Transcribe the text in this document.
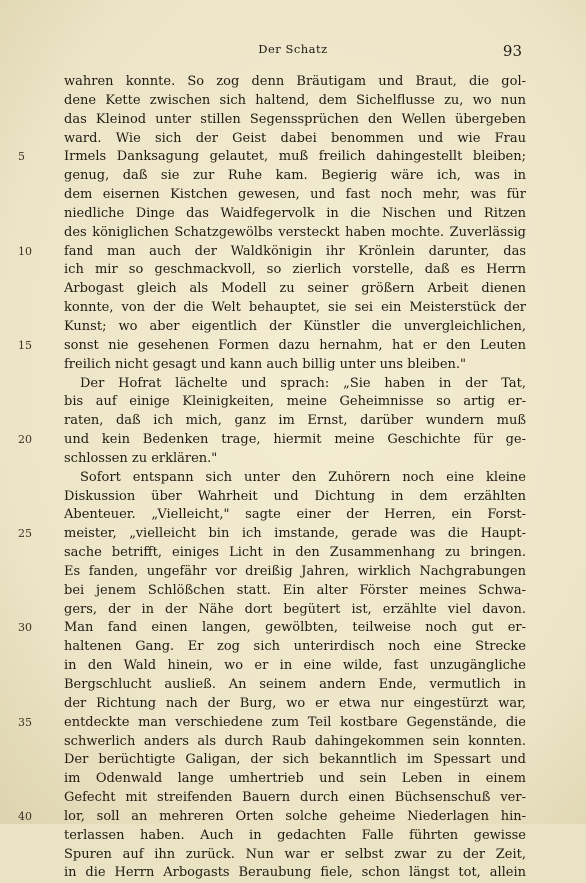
Der Schatz	93
wahren konnte. So zog denn Bräutigam und Braut, die gol-
dene Kette zwischen sich haltend, dem Sichelflusse zu, wo nun
das Kleinod unter stillen Segenssprüchen den Wellen übergeben
ward. Wie sich der Geist dabei benommen und wie Frau
5	Irmels Danksagung gelautet, muß freilich dahingestellt bleiben;
genug, daß sie zur Ruhe kam. Begierig wäre ich, was in
dem eisernen Kistchen gewesen, und fast noch mehr, was für
niedliche Dinge das Waidfegervolk in die Nischen und Ritzen
des königlichen Schatzgewölbs versteckt haben mochte. Zuverlässig
10	fand man auch der Waldkönigin ihr Krönlein darunter, das
ich mir so geschmackvoll, so zierlich vorstelle, daß es Herrn
Arbogast gleich als Modell zu seiner größern Arbeit dienen
konnte, von der die Welt behauptet, sie sei ein Meisterstück der
Kunst; wo aber eigentlich der Künstler die unvergleichlichen,
15	sonst nie gesehenen Formen dazu hernahm, hat er den Leuten
freilich nicht gesagt und kann auch billig unter uns bleiben."
Der Hofrat lächelte und sprach: „Sie haben in der Tat,
bis auf einige Kleinigkeiten, meine Geheimnisse so artig er-
raten, daß ich mich, ganz im Ernst, darüber wundern muß
20	und kein Bedenken trage, hiermit meine Geschichte für ge-
schlossen zu erklären."
Sofort entspann sich unter den Zuhörern noch eine kleine
Diskussion über Wahrheit und Dichtung in dem erzählten
Abenteuer. „Vielleicht," sagte einer der Herren, ein Forst-
25	meister, „vielleicht bin ich imstande, gerade was die Haupt-
sache betrifft, einiges Licht in den Zusammenhang zu bringen.
Es fanden, ungefähr vor dreißig Jahren, wirklich Nachgrabungen
bei jenem Schlößchen statt. Ein alter Förster meines Schwa-
gers, der in der Nähe dort begütert ist, erzählte viel davon.
30	Man fand einen langen, gewölbten, teilweise noch gut er-
haltenen Gang. Er zog sich unterirdisch noch eine Strecke
in den Wald hinein, wo er in eine wilde, fast unzugängliche
Bergschlucht ausließ. An seinem andern Ende, vermutlich in
der Richtung nach der Burg, wo er etwa nur eingestürzt war,
35	entdeckte man verschiedene zum Teil kostbare Gegenstände, die
schwerlich anders als durch Raub dahingekommen sein konnten.
Der berüchtigte Galigan, der sich bekanntlich im Spessart und
im Odenwald lange umhertrieb und sein Leben in einem
Gefecht mit streifenden Bauern durch einen Büchsenschuß ver-
40	lor, soll an mehreren Orten solche geheime Niederlagen hin-
terlassen haben. Auch in gedachten Falle führten gewisse
Spuren auf ihn zurück. Nun war er selbst zwar zu der Zeit,
in die Herrn Arbogasts Beraubung fiele, schon längst tot, allein
